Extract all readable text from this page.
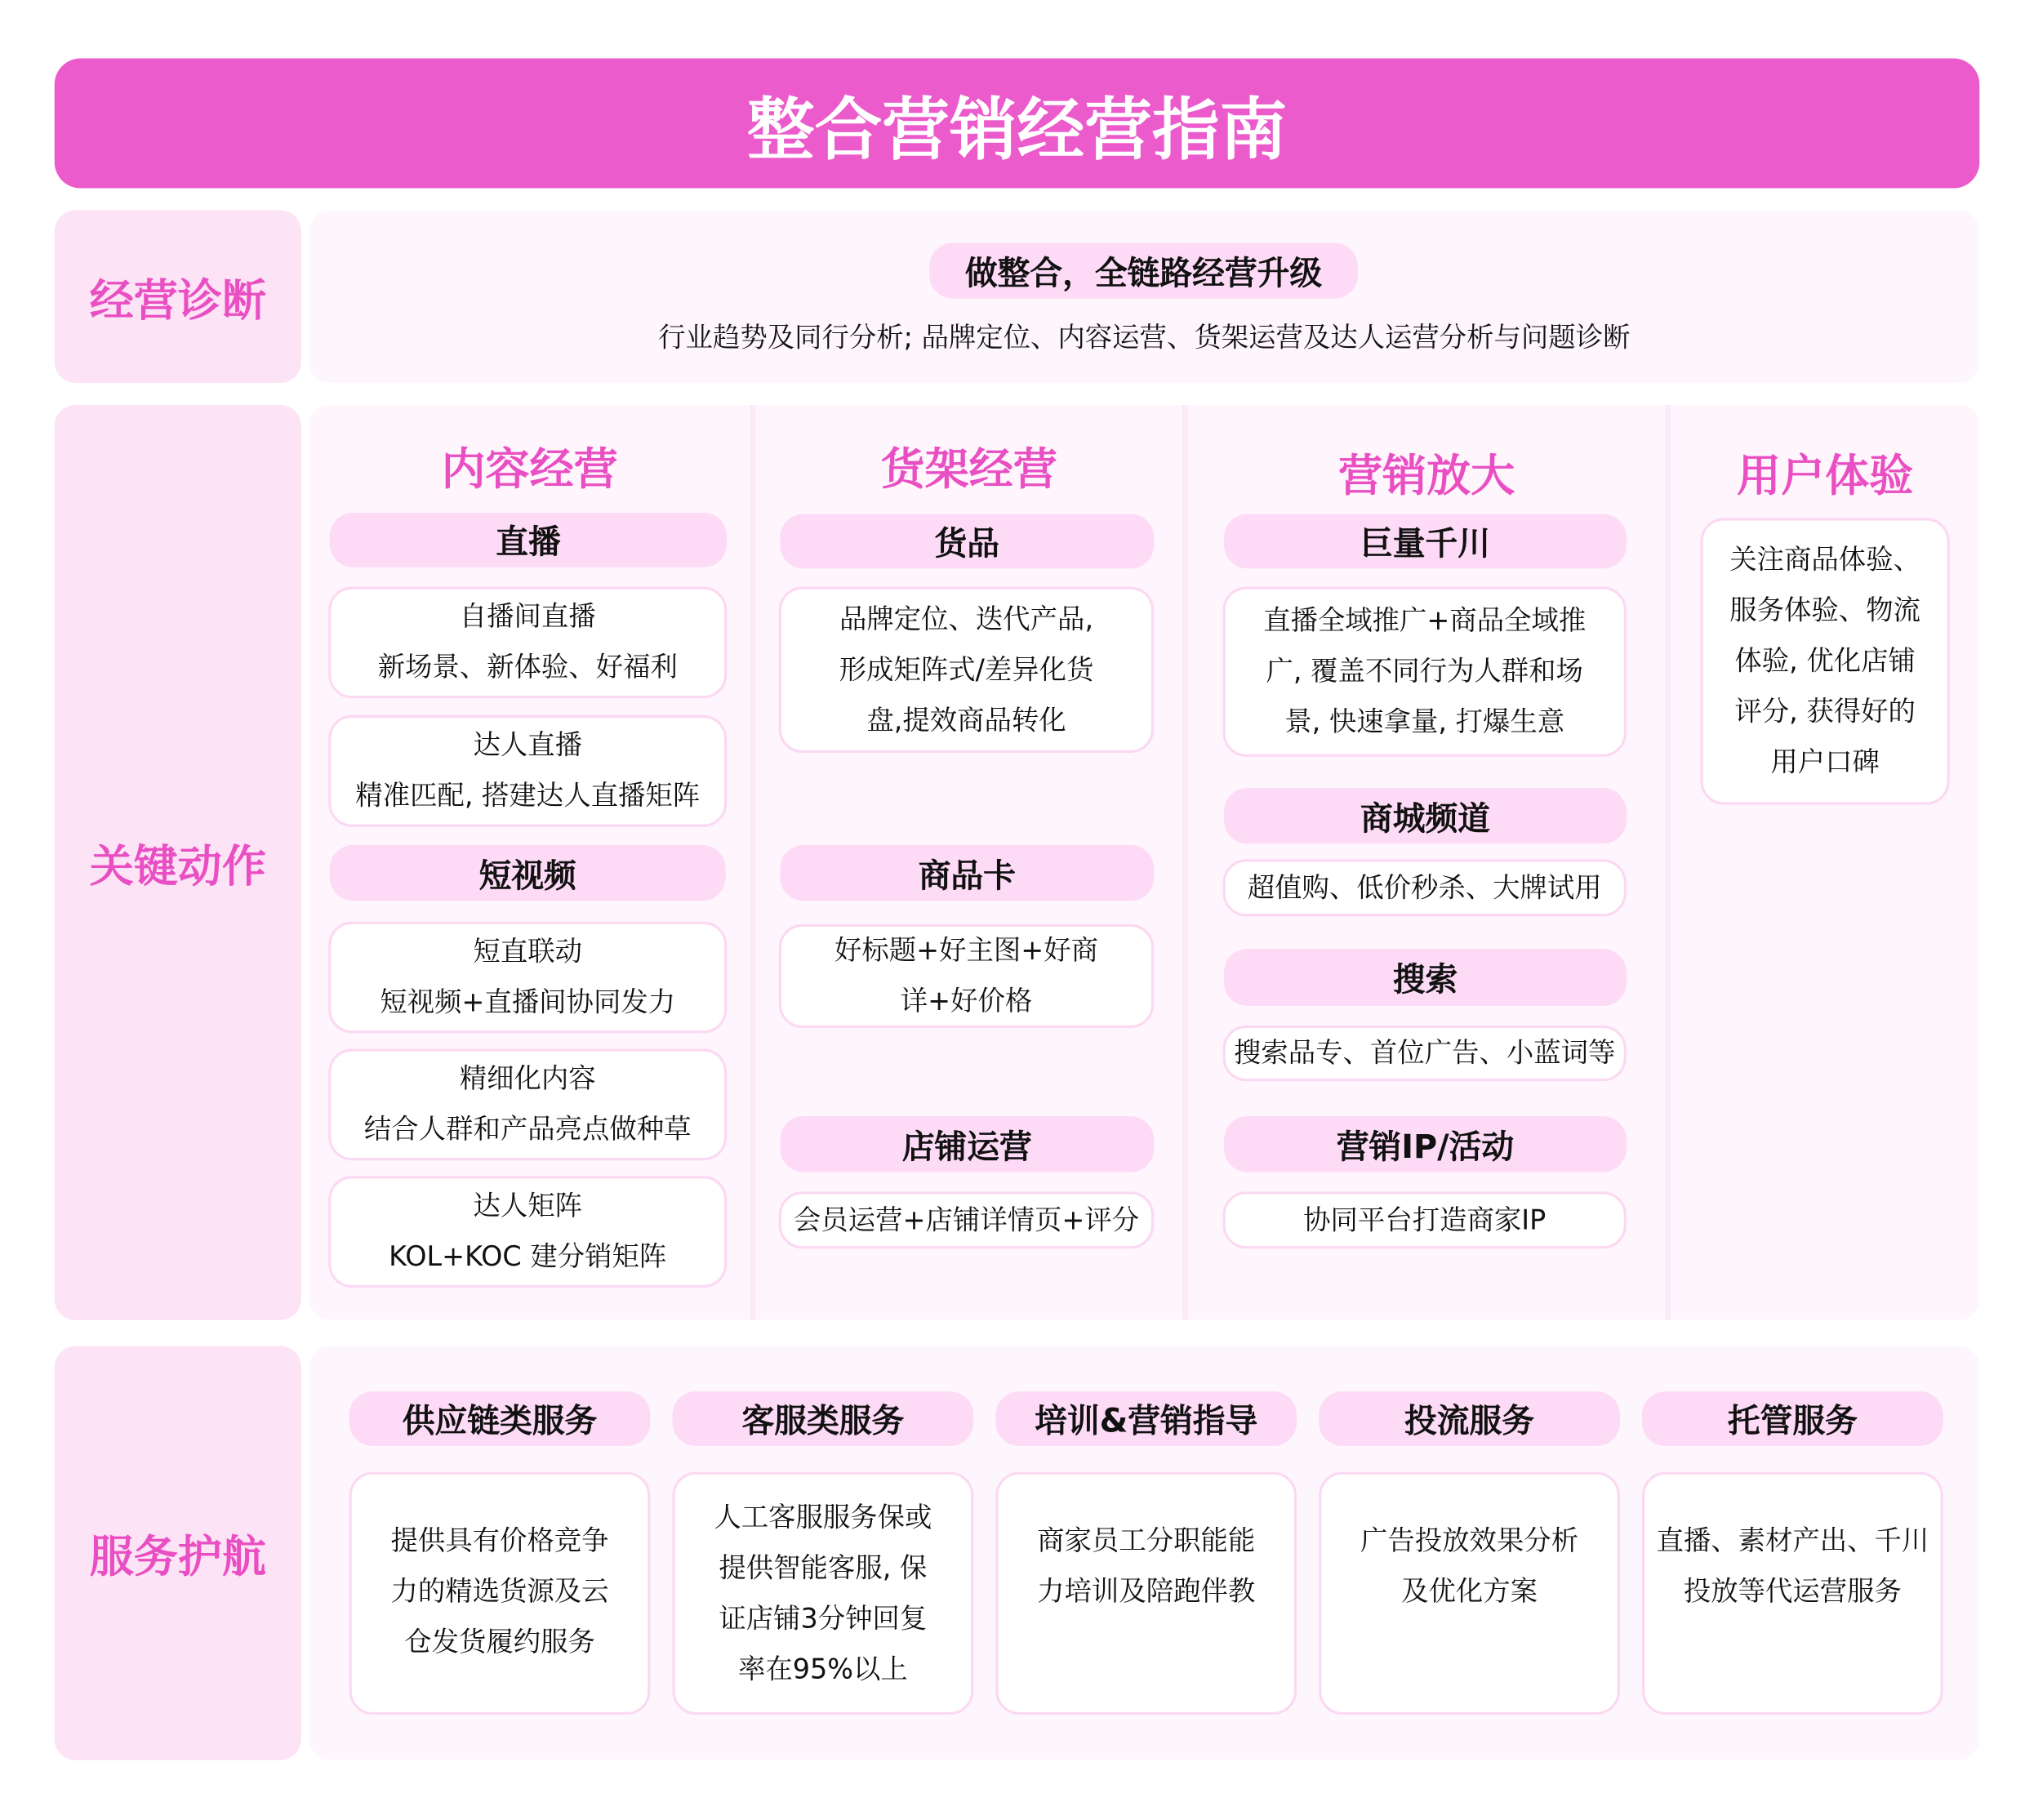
整合营销经营指南
经营诊断
做整合，全链路经营升级
行业趋势及同行分析; 品牌定位、内容运营、货架运营及达人运营分析与问题诊断
关键动作
内容经营
直播
自播间直播
新场景、新体验、好福利
达人直播
精准匹配, 搭建达人直播矩阵
短视频
短直联动
短视频+直播间协同发力
精细化内容
结合人群和产品亮点做种草
达人矩阵
KOL+KOC 建分销矩阵
货架经营
货品
品牌定位、迭代产品,
形成矩阵式/差异化货
盘,提效商品转化
商品卡
好标题+好主图+好商
详+好价格
店铺运营
会员运营+店铺详情页+评分
营销放大
巨量千川
直播全域推广+商品全域推
广, 覆盖不同行为人群和场
景, 快速拿量, 打爆生意
商城频道
超值购、低价秒杀、大牌试用
搜索
搜索品专、首位广告、小蓝词等
营销IP/活动
协同平台打造商家IP
用户体验
关注商品体验、
服务体验、物流
体验, 优化店铺
评分, 获得好的
用户口碑
服务护航
供应链类服务
提供具有价格竞争
力的精选货源及云
仓发货履约服务
客服类服务
人工客服服务保或
提供智能客服, 保
证店铺3分钟回复
率在95%以上
培训&营销指导
商家员工分职能能
力培训及陪跑伴教
投流服务
广告投放效果分析
及优化方案
托管服务
直播、素材产出、千川
投放等代运营服务
